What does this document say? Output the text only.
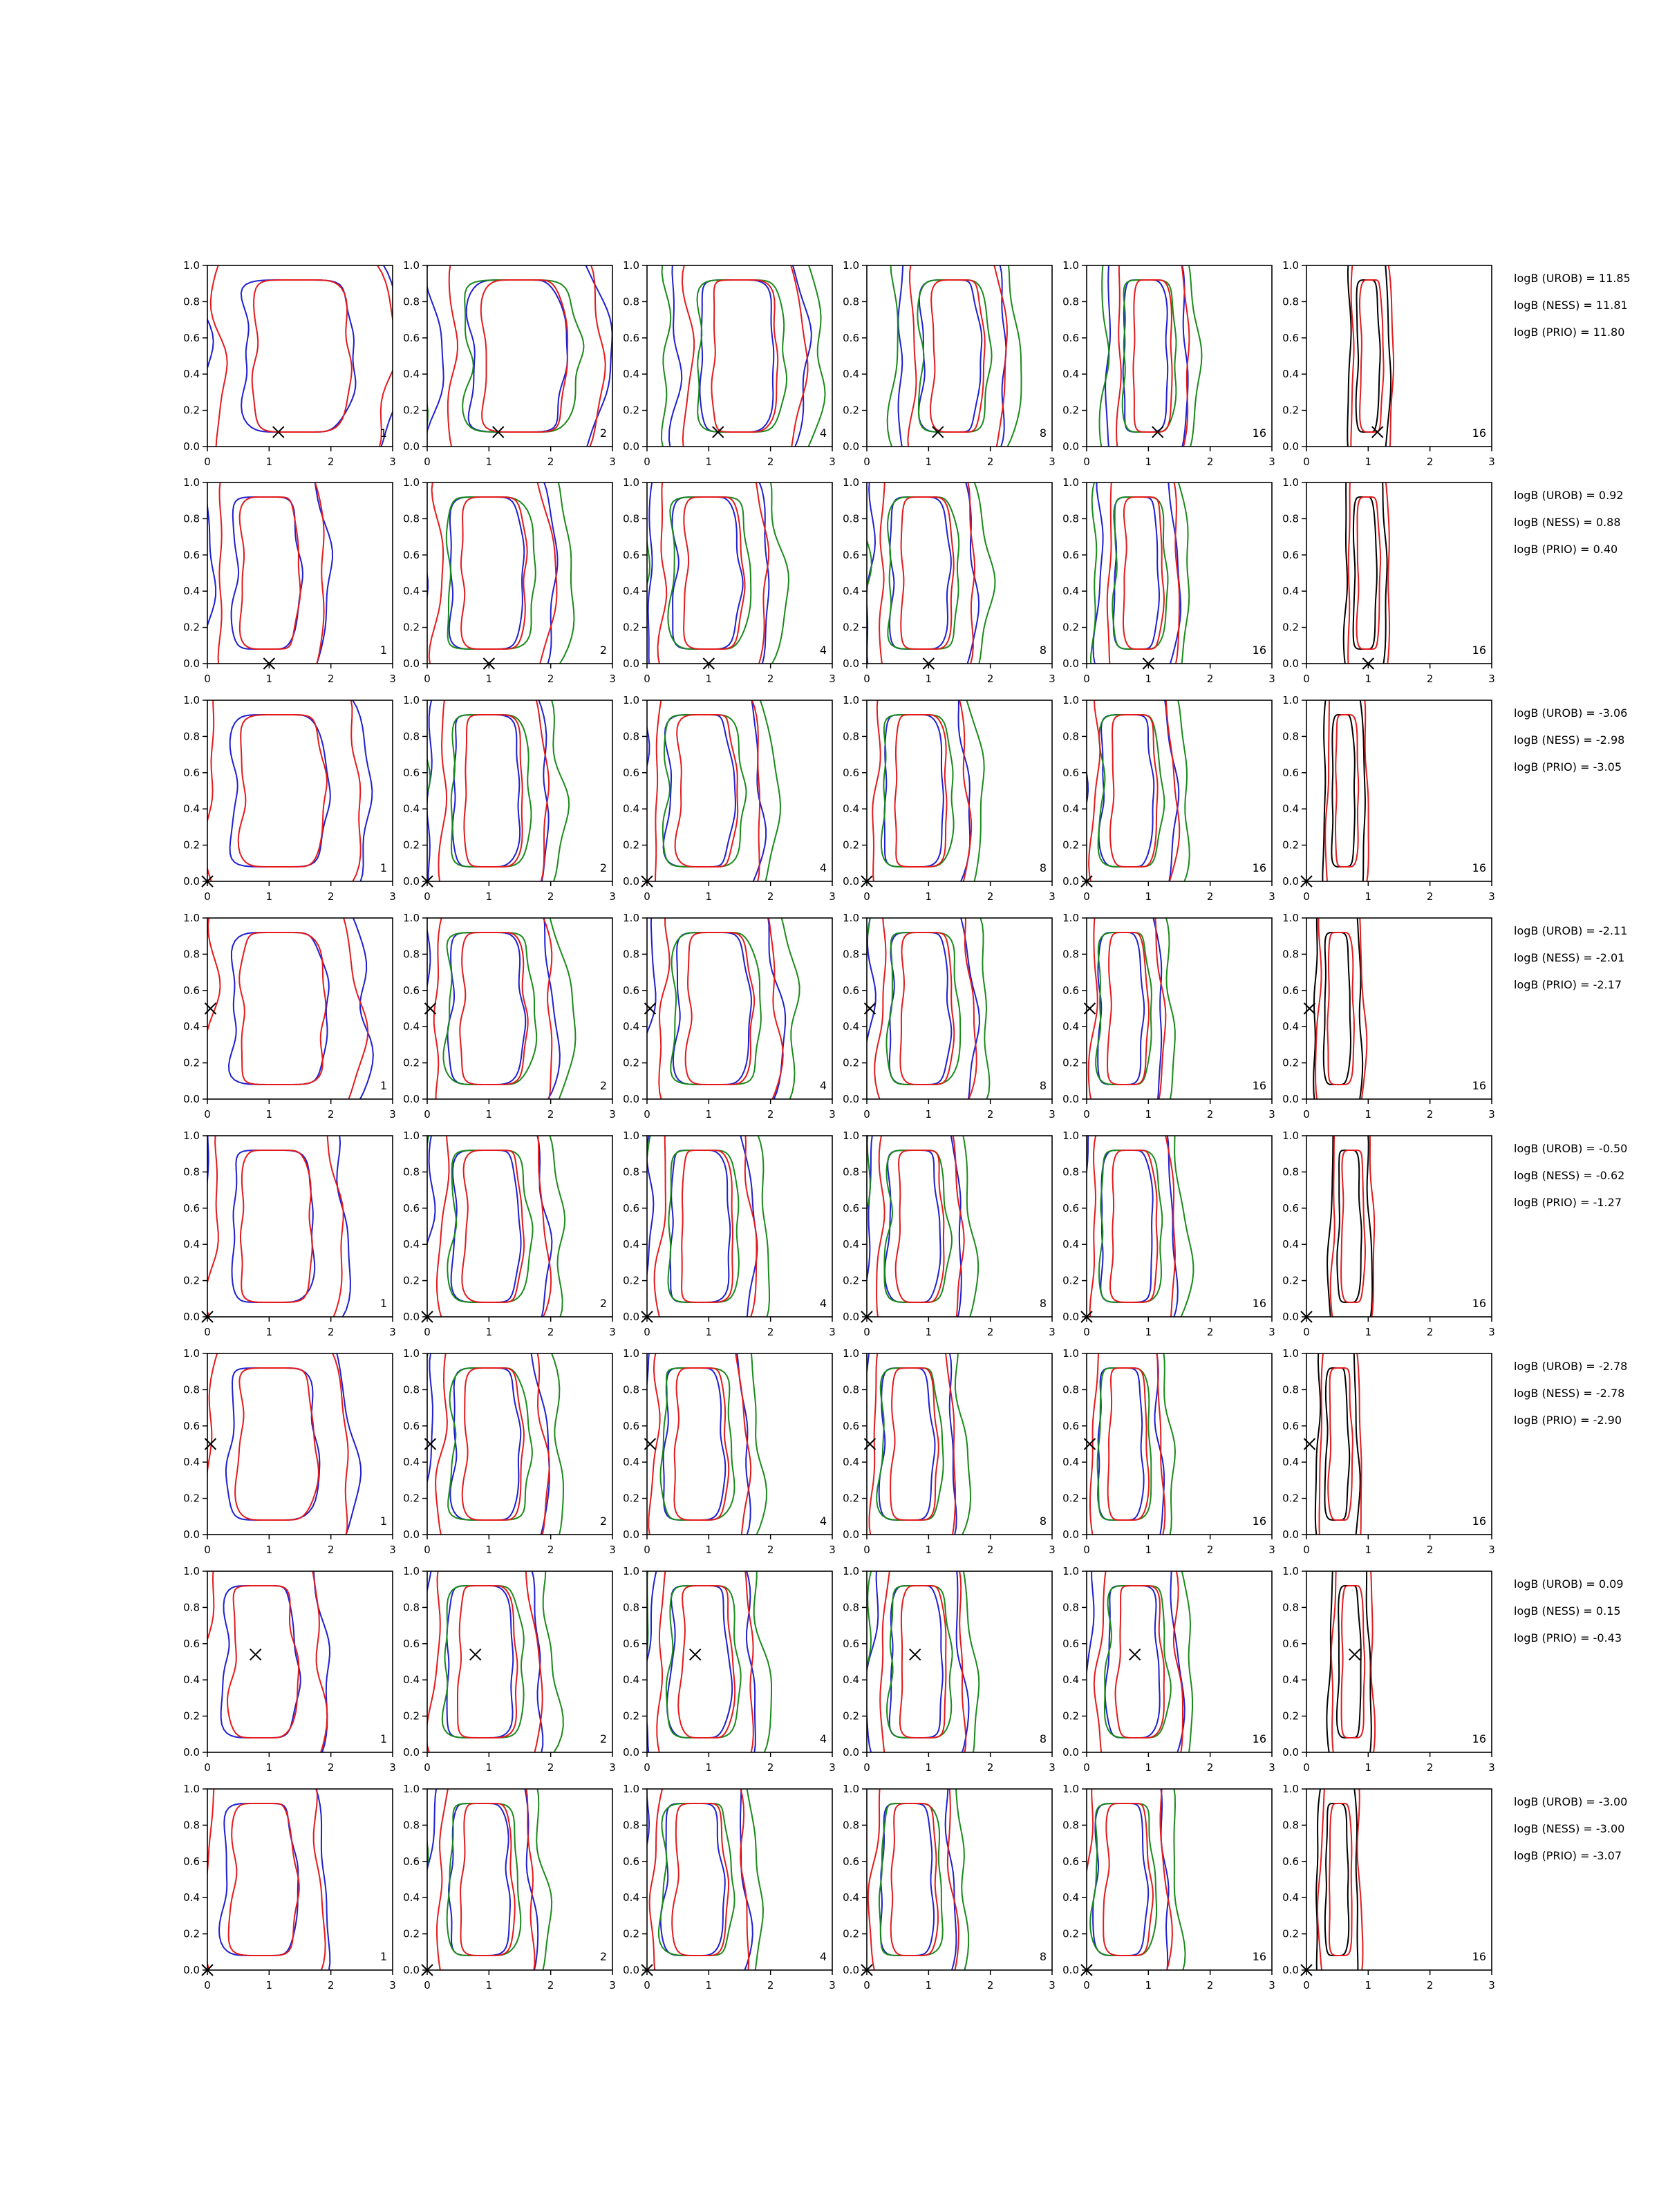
0	1	2	3
0.0
0.2
0.4
0.6
0.8
1.0
1
0	1	2	3
0.0
0.2
0.4
0.6
0.8
1.0
2
0	1	2	3
0.0
0.2
0.4
0.6
0.8
1.0
4
0	1	2	3
0.0
0.2
0.4
0.6
0.8
1.0
8
0	1	2	3
0.0
0.2
0.4
0.6
0.8
1.0
16
0	1	2	3
0.0
0.2
0.4
0.6
0.8
1.0
16
logB (UROB) = 11.85
logB (NESS) = 11.81
logB (PRIO) = 11.80
0	1	2	3
0.0
0.2
0.4
0.6
0.8
1.0
1
0	1	2	3
0.0
0.2
0.4
0.6
0.8
1.0
2
0	1	2	3
0.0
0.2
0.4
0.6
0.8
1.0
4
0	1	2	3
0.0
0.2
0.4
0.6
0.8
1.0
8
0	1	2	3
0.0
0.2
0.4
0.6
0.8
1.0
16
0	1	2	3
0.0
0.2
0.4
0.6
0.8
1.0
16
logB (UROB) = 0.92
logB (NESS) = 0.88
logB (PRIO) = 0.40
0	1	2	3
0.0
0.2
0.4
0.6
0.8
1.0
1
0	1	2	3
0.0
0.2
0.4
0.6
0.8
1.0
2
0	1	2	3
0.0
0.2
0.4
0.6
0.8
1.0
4
0	1	2	3
0.0
0.2
0.4
0.6
0.8
1.0
8
0	1	2	3
0.0
0.2
0.4
0.6
0.8
1.0
16
0	1	2	3
0.0
0.2
0.4
0.6
0.8
1.0
16
logB (UROB) = -3.06
logB (NESS) = -2.98
logB (PRIO) = -3.05
0	1	2	3
0.0
0.2
0.4
0.6
0.8
1.0
1
0	1	2	3
0.0
0.2
0.4
0.6
0.8
1.0
2
0	1	2	3
0.0
0.2
0.4
0.6
0.8
1.0
4
0	1	2	3
0.0
0.2
0.4
0.6
0.8
1.0
8
0	1	2	3
0.0
0.2
0.4
0.6
0.8
1.0
16
0	1	2	3
0.0
0.2
0.4
0.6
0.8
1.0
16
logB (UROB) = -2.11
logB (NESS) = -2.01
logB (PRIO) = -2.17
0	1	2	3
0.0
0.2
0.4
0.6
0.8
1.0
1
0	1	2	3
0.0
0.2
0.4
0.6
0.8
1.0
2
0	1	2	3
0.0
0.2
0.4
0.6
0.8
1.0
4
0	1	2	3
0.0
0.2
0.4
0.6
0.8
1.0
8
0	1	2	3
0.0
0.2
0.4
0.6
0.8
1.0
16
0	1	2	3
0.0
0.2
0.4
0.6
0.8
1.0
16
logB (UROB) = -0.50
logB (NESS) = -0.62
logB (PRIO) = -1.27
0	1	2	3
0.0
0.2
0.4
0.6
0.8
1.0
1
0	1	2	3
0.0
0.2
0.4
0.6
0.8
1.0
2
0	1	2	3
0.0
0.2
0.4
0.6
0.8
1.0
4
0	1	2	3
0.0
0.2
0.4
0.6
0.8
1.0
8
0	1	2	3
0.0
0.2
0.4
0.6
0.8
1.0
16
0	1	2	3
0.0
0.2
0.4
0.6
0.8
1.0
16
logB (UROB) = -2.78
logB (NESS) = -2.78
logB (PRIO) = -2.90
0	1	2	3
0.0
0.2
0.4
0.6
0.8
1.0
1
0	1	2	3
0.0
0.2
0.4
0.6
0.8
1.0
2
0	1	2	3
0.0
0.2
0.4
0.6
0.8
1.0
4
0	1	2	3
0.0
0.2
0.4
0.6
0.8
1.0
8
0	1	2	3
0.0
0.2
0.4
0.6
0.8
1.0
16
0	1	2	3
0.0
0.2
0.4
0.6
0.8
1.0
16
logB (UROB) = 0.09
logB (NESS) = 0.15
logB (PRIO) = -0.43
0	1	2	3
0.0
0.2
0.4
0.6
0.8
1.0
1
0	1	2	3
0.0
0.2
0.4
0.6
0.8
1.0
2
0	1	2	3
0.0
0.2
0.4
0.6
0.8
1.0
4
0	1	2	3
0.0
0.2
0.4
0.6
0.8
1.0
8
0	1	2	3
0.0
0.2
0.4
0.6
0.8
1.0
16
0	1	2	3
0.0
0.2
0.4
0.6
0.8
1.0
16
logB (UROB) = -3.00
logB (NESS) = -3.00
logB (PRIO) = -3.07
